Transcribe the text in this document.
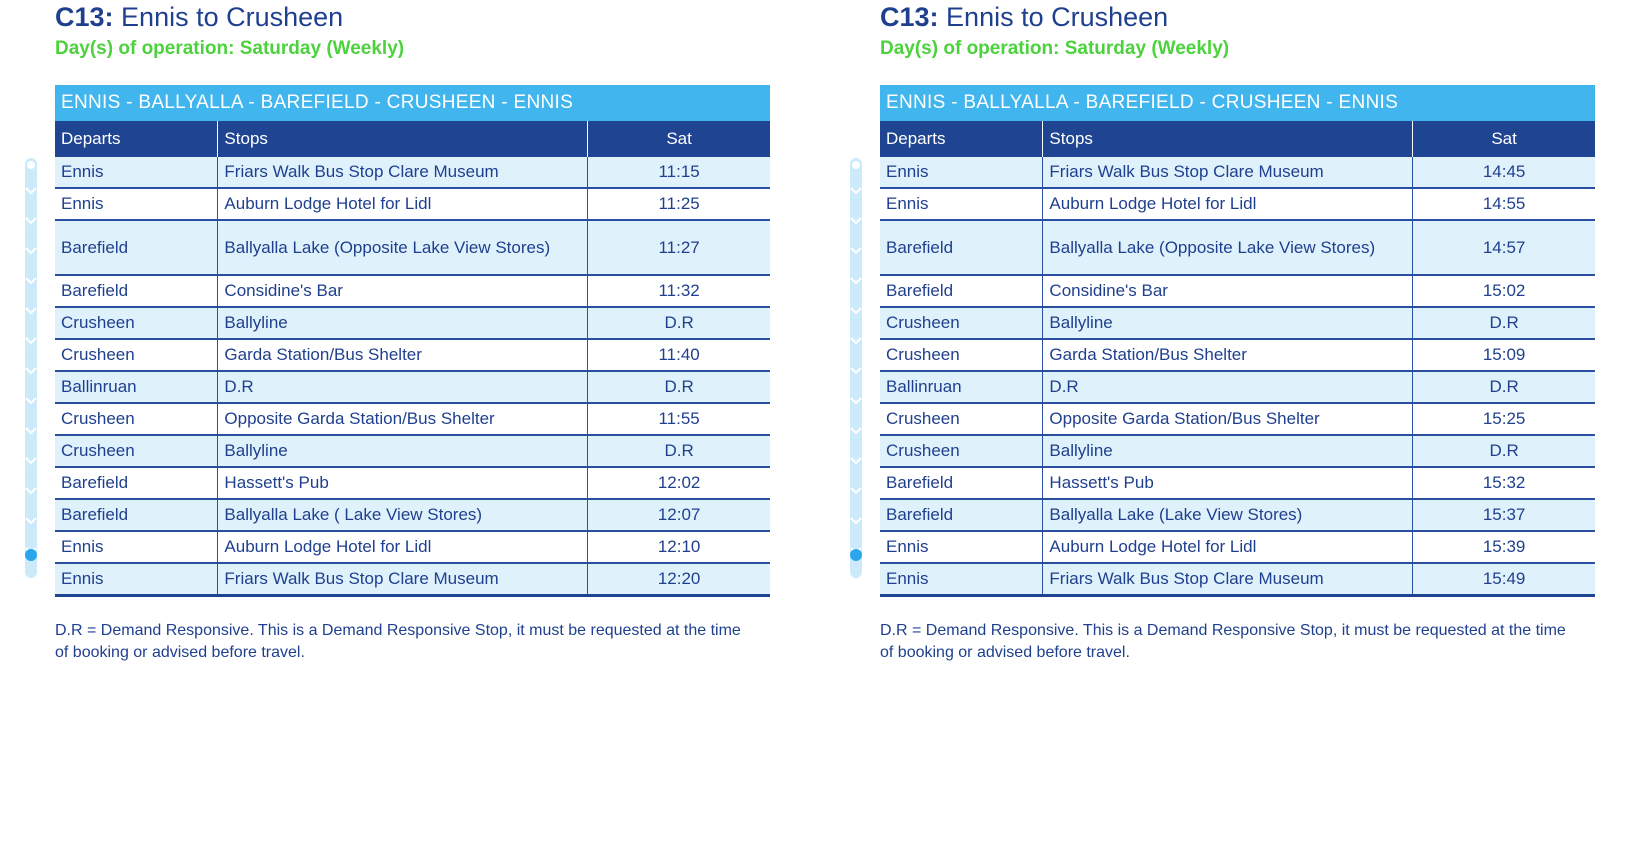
C13: Ennis to Crusheen
Day(s) of operation: Saturday (Weekly)
ENNIS - BALLYALLA - BAREFIELD - CRUSHEEN - ENNIS		
Departs	Stops	Sat
Ennis	Friars Walk Bus Stop Clare Museum	11:15
Ennis	Auburn Lodge Hotel for Lidl	11:25
Barefield	Ballyalla Lake (Opposite Lake View Stores)	11:27
Barefield	Considine's Bar	11:32
Crusheen	Ballyline	D.R
Crusheen	Garda Station/Bus Shelter	11:40
Ballinruan	D.R	D.R
Crusheen	Opposite Garda Station/Bus Shelter	11:55
Crusheen	Ballyline	D.R
Barefield	Hassett's Pub	12:02
Barefield	Ballyalla Lake ( Lake View Stores)	12:07
Ennis	Auburn Lodge Hotel for Lidl	12:10
Ennis	Friars Walk Bus Stop Clare Museum	12:20
D.R = Demand Responsive. This is a Demand Responsive Stop, it must be requested at the time of booking or advised before travel.
C13: Ennis to Crusheen
Day(s) of operation: Saturday (Weekly)
ENNIS - BALLYALLA - BAREFIELD - CRUSHEEN - ENNIS		
Departs	Stops	Sat
Ennis	Friars Walk Bus Stop Clare Museum	14:45
Ennis	Auburn Lodge Hotel for Lidl	14:55
Barefield	Ballyalla Lake (Opposite Lake View Stores)	14:57
Barefield	Considine's Bar	15:02
Crusheen	Ballyline	D.R
Crusheen	Garda Station/Bus Shelter	15:09
Ballinruan	D.R	D.R
Crusheen	Opposite Garda Station/Bus Shelter	15:25
Crusheen	Ballyline	D.R
Barefield	Hassett's Pub	15:32
Barefield	Ballyalla Lake (Lake View Stores)	15:37
Ennis	Auburn Lodge Hotel for Lidl	15:39
Ennis	Friars Walk Bus Stop Clare Museum	15:49
D.R = Demand Responsive. This is a Demand Responsive Stop, it must be requested at the time of booking or advised before travel.
